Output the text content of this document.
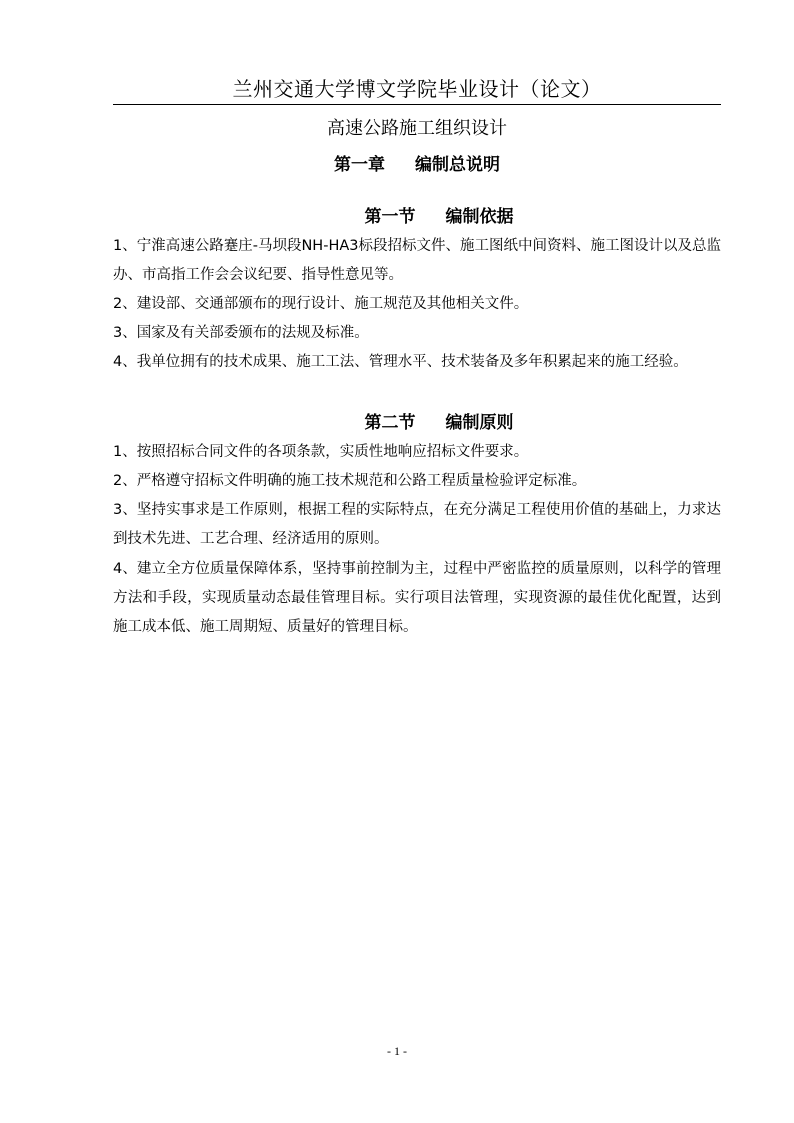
兰州交通大学博文学院毕业设计（论文）
高速公路施工组织设计
第一章 编制总说明
第一节 编制依据
1、宁淮高速公路蹇庄-马坝段NH-HA3标段招标文件、施工图纸中间资料、施工图设计以及总监办、市高指工作会会议纪要、指导性意见等。
2、建设部、交通部颁布的现行设计、施工规范及其他相关文件。
3、国家及有关部委颁布的法规及标准。
4、我单位拥有的技术成果、施工工法、管理水平、技术装备及多年积累起来的施工经验。
第二节 编制原则
1、按照招标合同文件的各项条款，实质性地响应招标文件要求。
2、严格遵守招标文件明确的施工技术规范和公路工程质量检验评定标准。
3、坚持实事求是工作原则，根据工程的实际特点，在充分满足工程使用价值的基础上，力求达到技术先进、工艺合理、经济适用的原则。
4、建立全方位质量保障体系，坚持事前控制为主，过程中严密监控的质量原则，以科学的管理方法和手段，实现质量动态最佳管理目标。实行项目法管理，实现资源的最佳优化配置，达到施工成本低、施工周期短、质量好的管理目标。
- 1 -
